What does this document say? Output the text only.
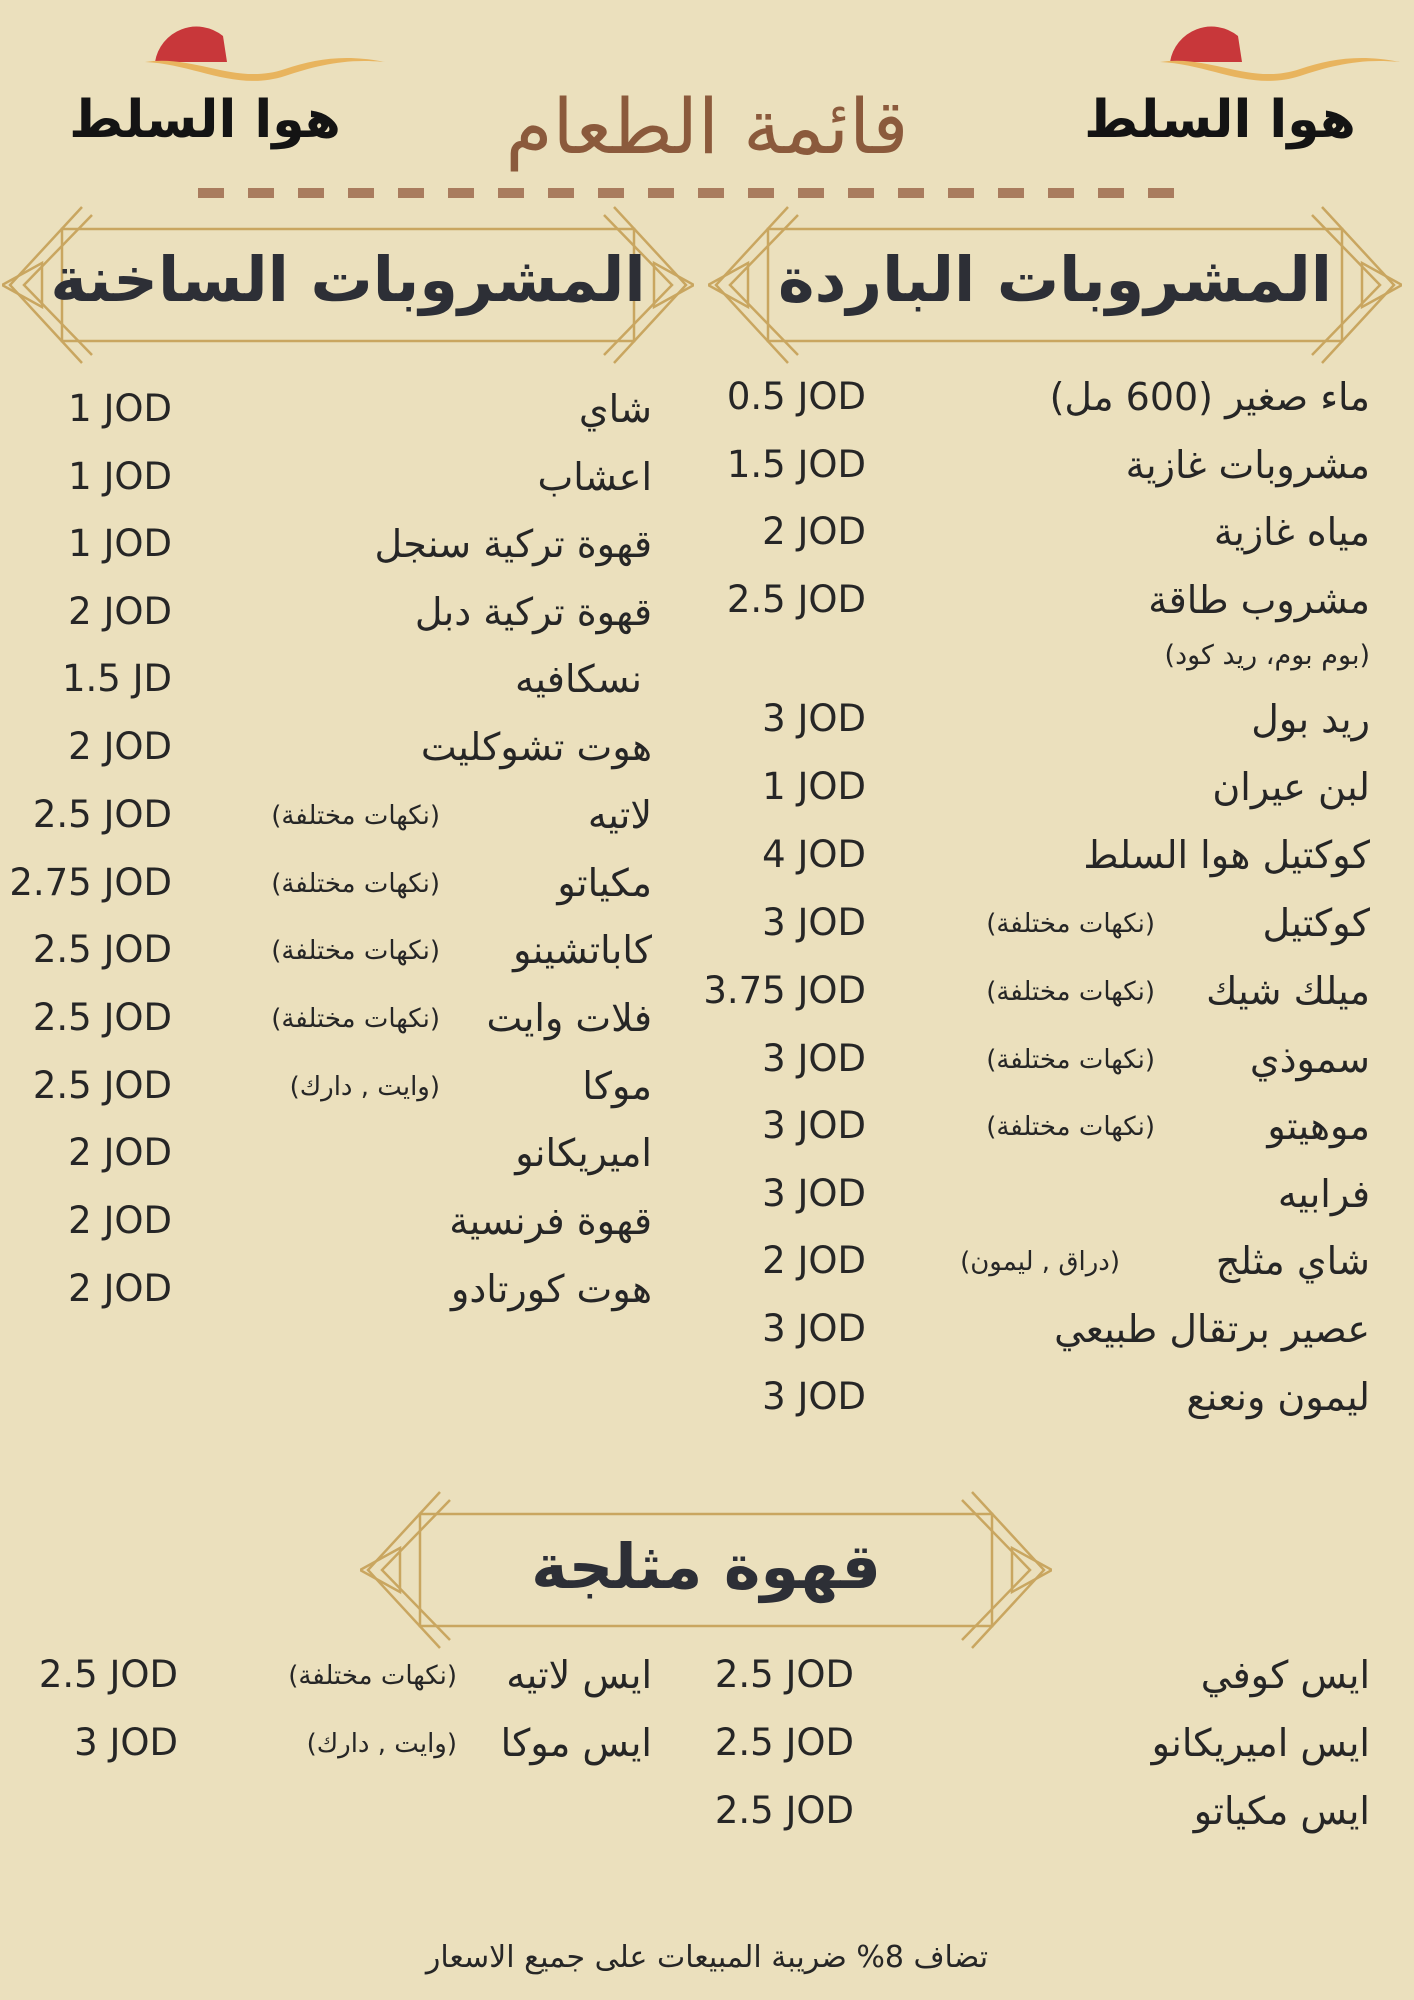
هوا السلط	هوا السلط
قائمة الطعام
المشروبات الباردة
المشروبات الساخنة
قهوة مثلجة
ماء صغير (600 مل)
0.5 JOD
مشروبات غازية
1.5 JOD
مياه غازية
2 JOD
مشروب طاقة
2.5 JOD
(بوم بوم، ريد كود)
ريد بول
3 JOD
لبن عيران
1 JOD
كوكتيل هوا السلط
4 JOD
كوكتيل
(نكهات مختلفة)
3 JOD
ميلك شيك
(نكهات مختلفة)
3.75 JOD
سموذي
(نكهات مختلفة)
3 JOD
موهيتو
(نكهات مختلفة)
3 JOD
فرابيه
3 JOD
شاي مثلج
(دراق , ليمون)
2 JOD
عصير برتقال طبيعي
3 JOD
ليمون ونعنع
3 JOD
شاي
1 JOD
اعشاب
1 JOD
قهوة تركية سنجل
1 JOD
قهوة تركية دبل
2 JOD
نسكافيه
1.5 JD
هوت تشوكليت
2 JOD
لاتيه
(نكهات مختلفة)
2.5 JOD
مكياتو
(نكهات مختلفة)
2.75 JOD
كاباتشينو
(نكهات مختلفة)
2.5 JOD
فلات وايت
(نكهات مختلفة)
2.5 JOD
موكا
(وايت , دارك)
2.5 JOD
اميريكانو
2 JOD
قهوة فرنسية
2 JOD
هوت كورتادو
2 JOD
ايس كوفي
2.5 JOD
ايس اميريكانو
2.5 JOD
ايس مكياتو
2.5 JOD
ايس لاتيه
(نكهات مختلفة)
2.5 JOD
ايس موكا
(وايت , دارك)
3 JOD
تضاف 8% ضريبة المبيعات على جميع الاسعار
